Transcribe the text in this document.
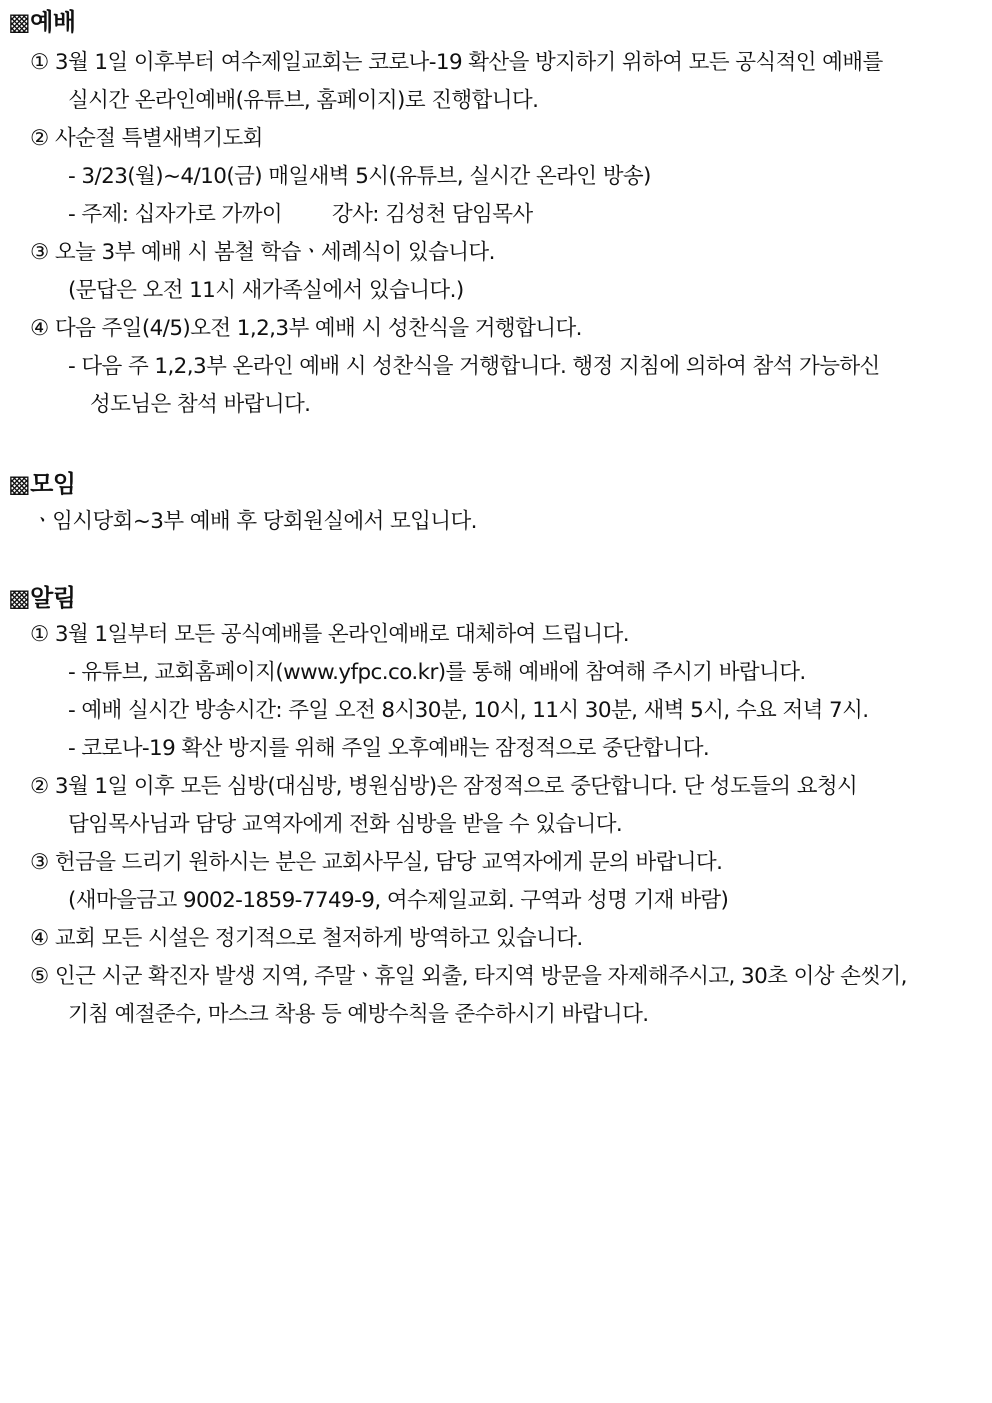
▩예배
① 3월 1일 이후부터 여수제일교회는 코로나-19 확산을 방지하기 위하여 모든 공식적인 예배를
실시간 온라인예배(유튜브, 홈페이지)로 진행합니다.
② 사순절 특별새벽기도회
- 3/23(월)~4/10(금) 매일새벽 5시(유튜브, 실시간 온라인 방송)
- 주제: 십자가로 가까이        강사: 김성천 담임목사
③ 오늘 3부 예배 시 봄철 학습ㆍ세례식이 있습니다.
(문답은 오전 11시 새가족실에서 있습니다.)
④ 다음 주일(4/5)오전 1,2,3부 예배 시 성찬식을 거행합니다.
- 다음 주 1,2,3부 온라인 예배 시 성찬식을 거행합니다. 행정 지침에 의하여 참석 가능하신
성도님은 참석 바랍니다.
▩모임
ㆍ임시당회~3부 예배 후 당회원실에서 모입니다.
▩알림
① 3월 1일부터 모든 공식예배를 온라인예배로 대체하여 드립니다.
- 유튜브, 교회홈페이지(www.yfpc.co.kr)를 통해 예배에 참여해 주시기 바랍니다.
- 예배 실시간 방송시간: 주일 오전 8시30분, 10시, 11시 30분, 새벽 5시, 수요 저녁 7시.
- 코로나-19 확산 방지를 위해 주일 오후예배는 잠정적으로 중단합니다.
② 3월 1일 이후 모든 심방(대심방, 병원심방)은 잠정적으로 중단합니다. 단 성도들의 요청시
담임목사님과 담당 교역자에게 전화 심방을 받을 수 있습니다.
③ 헌금을 드리기 원하시는 분은 교회사무실, 담당 교역자에게 문의 바랍니다.
(새마을금고 9002-1859-7749-9, 여수제일교회. 구역과 성명 기재 바람)
④ 교회 모든 시설은 정기적으로 철저하게 방역하고 있습니다.
⑤ 인근 시군 확진자 발생 지역, 주말ㆍ휴일 외출, 타지역 방문을 자제해주시고, 30초 이상 손씻기,
기침 예절준수, 마스크 착용 등 예방수칙을 준수하시기 바랍니다.
